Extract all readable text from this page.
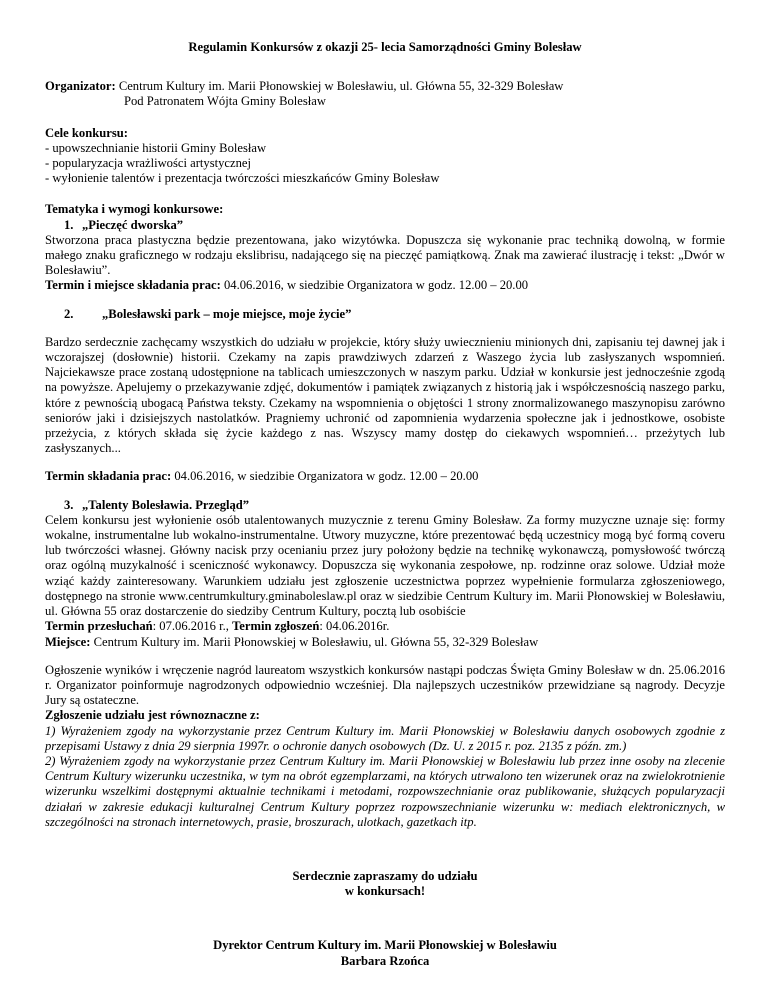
Regulamin Konkursów z okazji 25- lecia Samorządności Gminy Bolesław

Organizator: Centrum Kultury im. Marii Płonowskiej w Bolesławiu, ul. Główna 55, 32-329 Bolesław

Pod Patronatem Wójta Gminy Bolesław

Cele konkursu:

- upowszechnianie historii Gminy Bolesław

- popularyzacja wrażliwości artystycznej

- wyłonienie talentów i prezentacja twórczości mieszkańców Gminy Bolesław

Tematyka i wymogi konkursowe:

1. „Pieczęć dworska”

Stworzona praca plastyczna będzie prezentowana, jako wizytówka. Dopuszcza się wykonanie prac techniką dowolną, w formie małego znaku graficznego w rodzaju ekslibrisu, nadającego się na pieczęć pamiątkową. Znak ma zawierać ilustrację i tekst: „Dwór w Bolesławiu”.

Termin i miejsce składania prac: 04.06.2016, w siedzibie Organizatora w godz. 12.00 – 20.00

2. „Bolesławski park – moje miejsce, moje życie”

Bardzo serdecznie zachęcamy wszystkich do udziału w projekcie, który służy uwiecznieniu minionych dni, zapisaniu tej dawnej jak i wczorajszej (dosłownie) historii. Czekamy na zapis prawdziwych zdarzeń z Waszego życia lub zasłyszanych wspomnień. Najciekawsze prace zostaną udostępnione na tablicach umieszczonych w naszym parku. Udział w konkursie jest jednocześnie zgodą na powyższe. Apelujemy o przekazywanie zdjęć, dokumentów i pamiątek związanych z historią jak i współczesnością naszego parku, które z pewnością ubogacą Państwa teksty. Czekamy na wspomnienia o objętości 1 strony znormalizowanego maszynopisu zarówno seniorów jaki i dzisiejszych nastolatków. Pragniemy uchronić od zapomnienia wydarzenia społeczne jak i jednostkowe, osobiste przeżycia, z których składa się życie każdego z nas. Wszyscy mamy dostęp do ciekawych wspomnień… przeżytych lub zasłyszanych...

Termin składania prac: 04.06.2016, w siedzibie Organizatora w godz. 12.00 – 20.00

3. „Talenty Bolesławia. Przegląd”

Celem konkursu jest wyłonienie osób utalentowanych muzycznie z terenu Gminy Bolesław. Za formy muzyczne uznaje się: formy wokalne, instrumentalne lub wokalno-instrumentalne. Utwory muzyczne, które prezentować będą uczestnicy mogą być formą coveru lub twórczości własnej. Główny nacisk przy ocenianiu przez jury położony będzie na technikę wykonawczą, pomysłowość twórczą oraz ogólną muzykalność i sceniczność wykonawcy. Dopuszcza się wykonania zespołowe, np. rodzinne oraz solowe. Udział może wziąć każdy zainteresowany. Warunkiem udziału jest zgłoszenie uczestnictwa poprzez wypełnienie formularza zgłoszeniowego, dostępnego na stronie www.centrumkultury.gminaboleslaw.pl oraz w siedzibie Centrum Kultury im. Marii Płonowskiej w Bolesławiu, ul. Główna 55 oraz dostarczenie do siedziby Centrum Kultury, pocztą lub osobiście

Termin przesłuchań: 07.06.2016 r., Termin zgłoszeń: 04.06.2016r.

Miejsce: Centrum Kultury im. Marii Płonowskiej w Bolesławiu, ul. Główna 55, 32-329 Bolesław

Ogłoszenie wyników i wręczenie nagród laureatom wszystkich konkursów nastąpi podczas Święta Gminy Bolesław w dn. 25.06.2016 r. Organizator poinformuje nagrodzonych odpowiednio wcześniej. Dla najlepszych uczestników przewidziane są nagrody. Decyzje Jury są ostateczne.

Zgłoszenie udziału jest równoznaczne z:

1) Wyrażeniem zgody na wykorzystanie przez Centrum Kultury im. Marii Płonowskiej w Bolesławiu danych osobowych zgodnie z przepisami Ustawy z dnia 29 sierpnia 1997r. o ochronie danych osobowych (Dz. U. z 2015 r. poz. 2135 z późn. zm.)

2) Wyrażeniem zgody na wykorzystanie przez Centrum Kultury im. Marii Płonowskiej w Bolesławiu lub przez inne osoby na zlecenie Centrum Kultury wizerunku uczestnika, w tym na obrót egzemplarzami, na których utrwalono ten wizerunek oraz na zwielokrotnienie wizerunku wszelkimi dostępnymi aktualnie technikami i metodami, rozpowszechnianie oraz publikowanie, służących popularyzacji działań w zakresie edukacji kulturalnej Centrum Kultury poprzez rozpowszechnianie wizerunku w: mediach elektronicznych, w szczególności na stronach internetowych, prasie, broszurach, ulotkach, gazetkach itp.

Serdecznie zapraszamy do udziału

w konkursach!

Dyrektor Centrum Kultury im. Marii Płonowskiej w Bolesławiu

Barbara Rzońca
